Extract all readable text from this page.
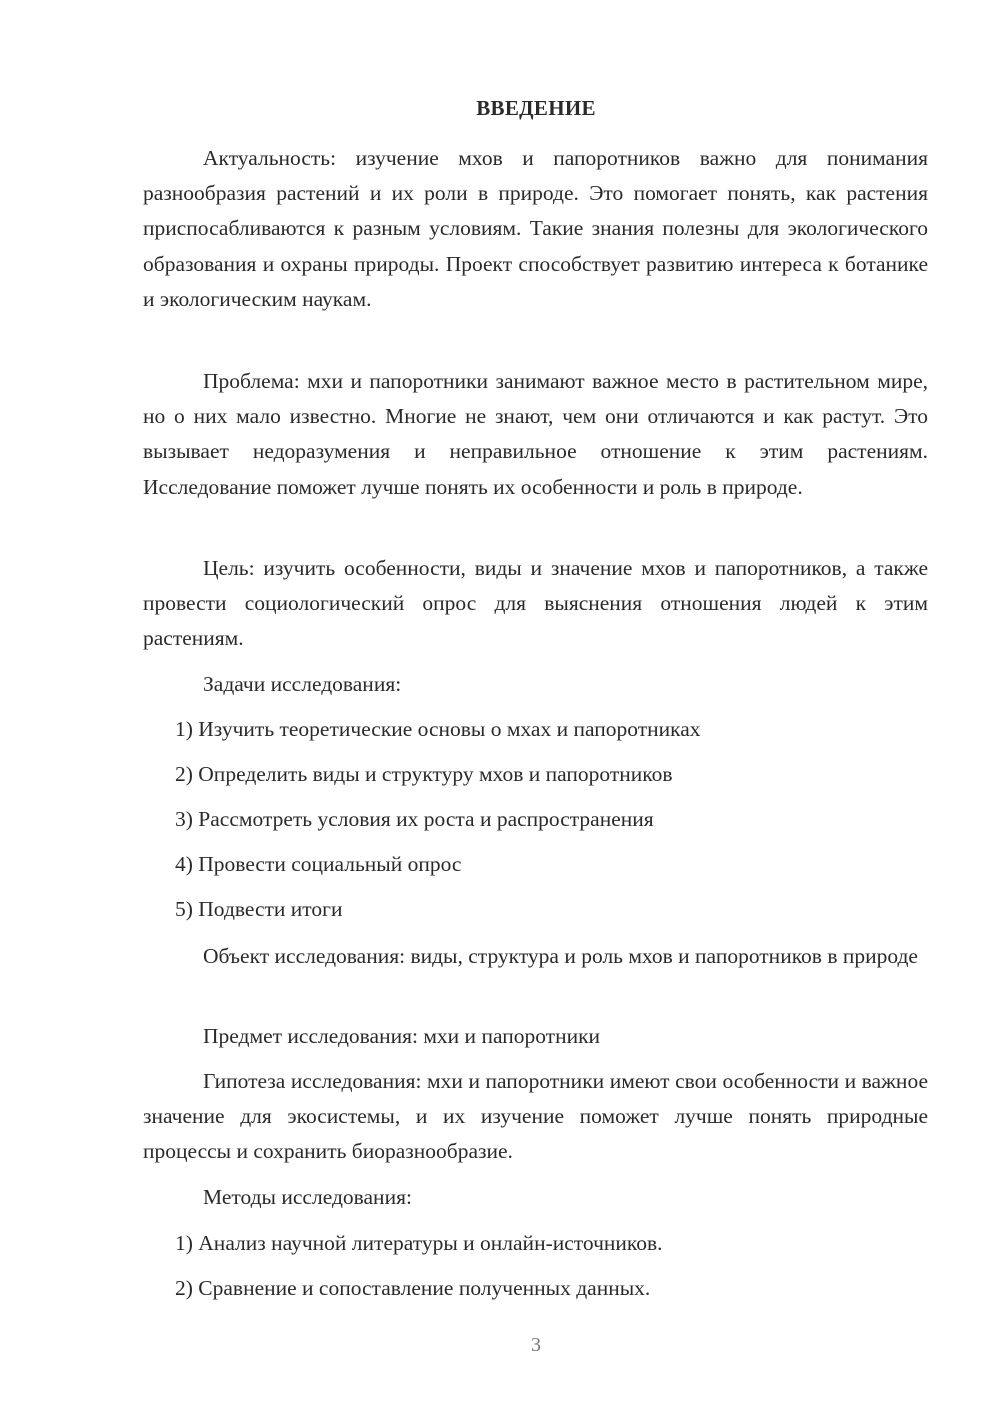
ВВЕДЕНИЕ

Актуальность: изучение мхов и папоротников важно для понимания разнообразия растений и их роли в природе. Это помогает понять, как растения приспосабливаются к разным условиям. Такие знания полезны для экологического образования и охраны природы. Проект способствует развитию интереса к ботанике и экологическим наукам.

Проблема: мхи и папоротники занимают важное место в растительном мире, но о них мало известно. Многие не знают, чем они отличаются и как растут. Это вызывает недоразумения и неправильное отношение к этим растениям. Исследование поможет лучше понять их особенности и роль в природе.

Цель: изучить особенности, виды и значение мхов и папоротников, а также провести социологический опрос для выяснения отношения людей к этим растениям.

Задачи исследования:

1) Изучить теоретические основы о мхах и папоротниках
2) Определить виды и структуру мхов и папоротников
3) Рассмотреть условия их роста и распространения
4) Провести социальный опрос
5) Подвести итоги

Объект исследования: виды, структура и роль мхов и папоротников в природе

Предмет исследования: мхи и папоротники

Гипотеза исследования: мхи и папоротники имеют свои особенности и важное значение для экосистемы, и их изучение поможет лучше понять природные процессы и сохранить биоразнообразие.

Методы исследования:

1) Анализ научной литературы и онлайн-источников.
2) Сравнение и сопоставление полученных данных.
3
